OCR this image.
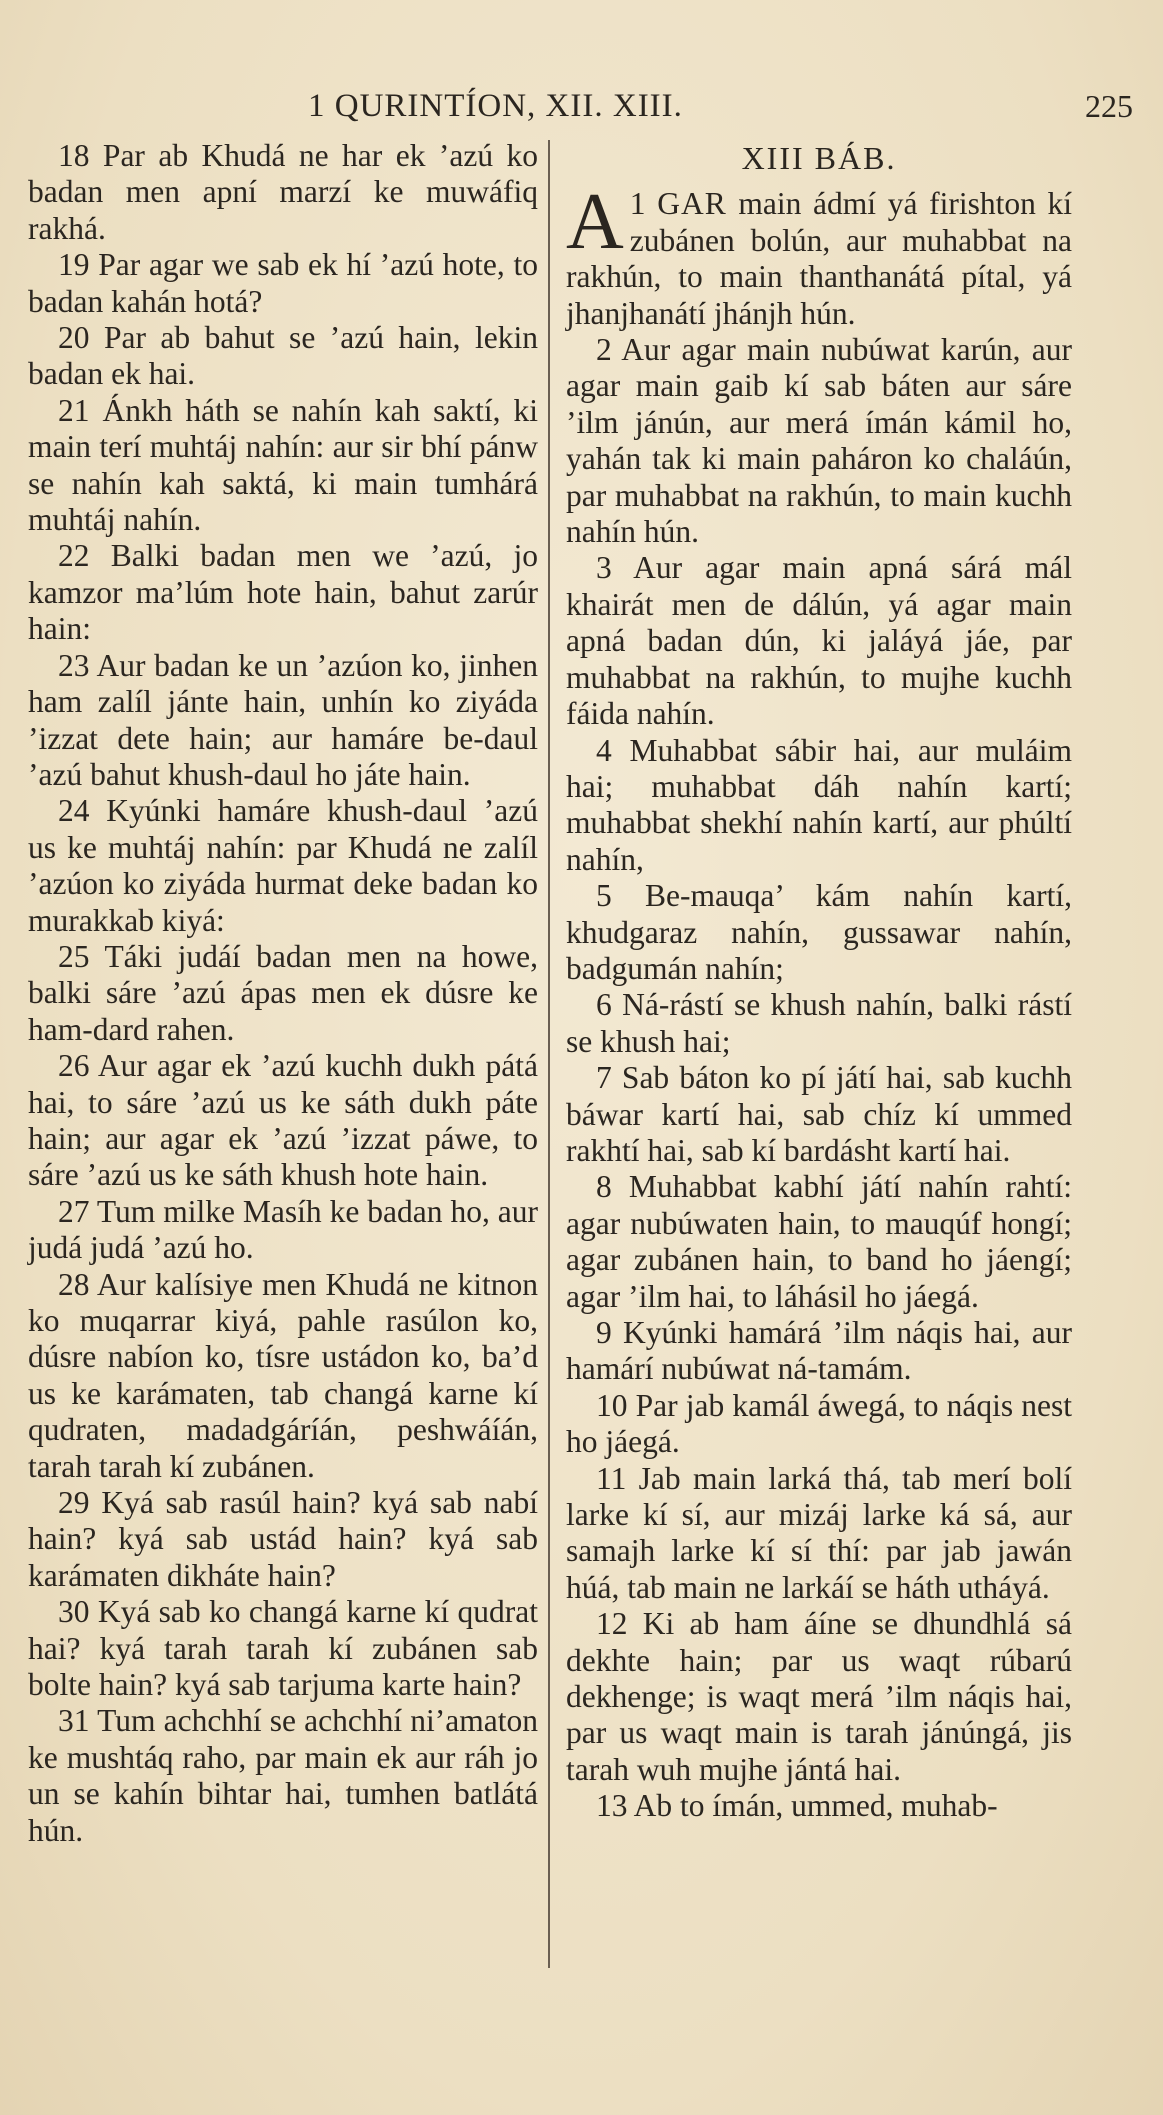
1 QURINTÍON, XII. XIII.	225

18 Par ab Khudá ne har ek ’azú ko badan men apní marzí ke muwáfiq rakhá.

19 Par agar we sab ek hí ’azú hote, to badan kahán hotá?

20 Par ab bahut se ’azú hain, lekin badan ek hai.

21 Ánkh háth se nahín kah saktí, ki main terí muhtáj nahín: aur sir bhí pánw se nahín kah saktá, ki main tumhárá muhtáj nahín.

22 Balki badan men we ’azú, jo kamzor ma’lúm hote hain, bahut zarúr hain:

23 Aur badan ke un ’azúon ko, jinhen ham zalíl jánte hain, unhín ko ziyáda ’izzat dete hain; aur hamáre be-daul ’azú bahut khush-daul ho játe hain.

24 Kyúnki hamáre khush-daul ’azú us ke muhtáj nahín: par Khudá ne zalíl ’azúon ko ziyáda hurmat deke badan ko murakkab kiyá:

25 Táki judáí badan men na howe, balki sáre ’azú ápas men ek dúsre ke ham-dard rahen.

26 Aur agar ek ’azú kuchh dukh pátá hai, to sáre ’azú us ke sáth dukh páte hain; aur agar ek ’azú ’izzat páwe, to sáre ’azú us ke sáth khush hote hain.

27 Tum milke Masíh ke badan ho, aur judá judá ’azú ho.

28 Aur kalísiye men Khudá ne kitnon ko muqarrar kiyá, pahle rasúlon ko, dúsre nabíon ko, tísre ustádon ko, ba’d us ke karámaten, tab changá karne kí qudraten, madadgáríán, peshwáíán, tarah tarah kí zubánen.

29 Kyá sab rasúl hain? kyá sab nabí hain? kyá sab ustád hain? kyá sab karámaten dikháte hain?

30 Kyá sab ko changá karne kí qudrat hai? kyá tarah tarah kí zubánen sab bolte hain? kyá sab tarjuma karte hain?

31 Tum achchhí se achchhí ni’amaton ke mushtáq raho, par main ek aur ráh jo un se kahín bihtar hai, tumhen batlátá hún.

XIII BÁB.

1
A GAR main ádmí yá firishton kí zubánen bolún, aur muhabbat na rakhún, to main thanthanátá pítal, yá jhanjhanátí jhánjh hún.

2 Aur agar main nubúwat karún, aur agar main gaib kí sab báten aur sáre ’ilm jánún, aur merá ímán kámil ho, yahán tak ki main paháron ko chaláún, par muhabbat na rakhún, to main kuchh nahín hún.

3 Aur agar main apná sárá mál khairát men de dálún, yá agar main apná badan dún, ki jaláyá jáe, par muhabbat na rakhún, to mujhe kuchh fáida nahín.

4 Muhabbat sábir hai, aur muláim hai; muhabbat dáh nahín kartí; muhabbat shekhí nahín kartí, aur phúltí nahín,

5 Be-mauqa’ kám nahín kartí, khudgaraz nahín, gussawar nahín, badgumán nahín;

6 Ná-rástí se khush nahín, balki rástí se khush hai;

7 Sab báton ko pí játí hai, sab kuchh báwar kartí hai, sab chíz kí ummed rakhtí hai, sab kí bardásht kartí hai.

8 Muhabbat kabhí játí nahín rahtí: agar nubúwaten hain, to mauqúf hongí; agar zubánen hain, to band ho jáengí; agar ’ilm hai, to láhásil ho jáegá.

9 Kyúnki hamárá ’ilm náqis hai, aur hamárí nubúwat ná-tamám.

10 Par jab kamál áwegá, to náqis nest ho jáegá.

11 Jab main larká thá, tab merí bolí larke kí sí, aur mizáj larke ká sá, aur samajh larke kí sí thí: par jab jawán húá, tab main ne larkáí se háth utháyá.

12 Ki ab ham áíne se dhundhlá sá dekhte hain; par us waqt rúbarú dekhenge; is waqt merá ’ilm náqis hai, par us waqt main is tarah jánúngá, jis tarah wuh mujhe jántá hai.

13 Ab to ímán, ummed, muhab-
